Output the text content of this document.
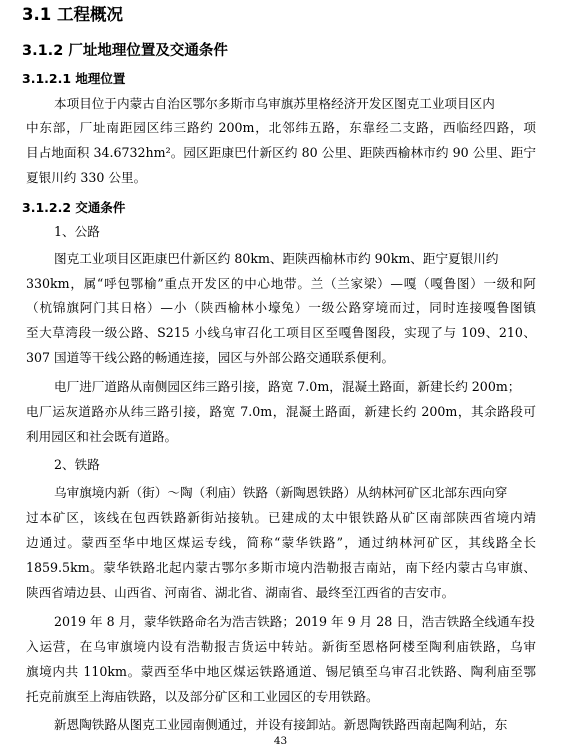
3.1 工程概况
3.1.2 厂址地理位置及交通条件
3.1.2.1 地理位置
本项目位于内蒙古自治区鄂尔多斯市乌审旗苏里格经济开发区图克工业项目区内
中东部，厂址南距园区纬三路约 200m，北邻纬五路，东靠经二支路，西临经四路，项
目占地面积 34.6732hm²。园区距康巴什新区约 80 公里、距陕西榆林市约 90 公里、距宁
夏银川约 330 公里。
3.1.2.2 交通条件
1、公路
图克工业项目区距康巴什新区约 80km、距陕西榆林市约 90km、距宁夏银川约
330km，属“呼包鄂榆”重点开发区的中心地带。兰（兰家梁）—嘎（嘎鲁图）一级和阿
（杭锦旗阿门其日格）—小（陕西榆林小壕兔）一级公路穿境而过，同时连接嘎鲁图镇
至大草湾段一级公路、S215 小线乌审召化工项目区至嘎鲁图段，实现了与 109、210、
307 国道等干线公路的畅通连接，园区与外部公路交通联系便利。
电厂进厂道路从南侧园区纬三路引接，路宽 7.0m，混凝土路面，新建长约 200m；
电厂运灰道路亦从纬三路引接，路宽 7.0m，混凝土路面，新建长约 200m，其余路段可
利用园区和社会既有道路。
2、铁路
乌审旗境内新（街）～陶（利庙）铁路（新陶恩铁路）从纳林河矿区北部东西向穿
过本矿区，该线在包西铁路新街站接轨。已建成的太中银铁路从矿区南部陕西省境内靖
边通过。蒙西至华中地区煤运专线，简称“蒙华铁路”，通过纳林河矿区，其线路全长
1859.5km。蒙华铁路北起内蒙古鄂尔多斯市境内浩勒报吉南站，南下经内蒙古乌审旗、
陕西省靖边县、山西省、河南省、湖北省、湖南省、最终至江西省的吉安市。
2019 年 8 月，蒙华铁路命名为浩吉铁路；2019 年 9 月 28 日，浩吉铁路全线通车投
入运营，在乌审旗境内设有浩勒报吉货运中转站。新街至恩格阿楼至陶利庙铁路，乌审
旗境内共 110km。蒙西至华中地区煤运铁路通道、锡尼镇至乌审召北铁路、陶利庙至鄂
托克前旗至上海庙铁路，以及部分矿区和工业园区的专用铁路。
新恩陶铁路从图克工业园南侧通过，并设有接卸站。新恩陶铁路西南起陶利站，东
43
